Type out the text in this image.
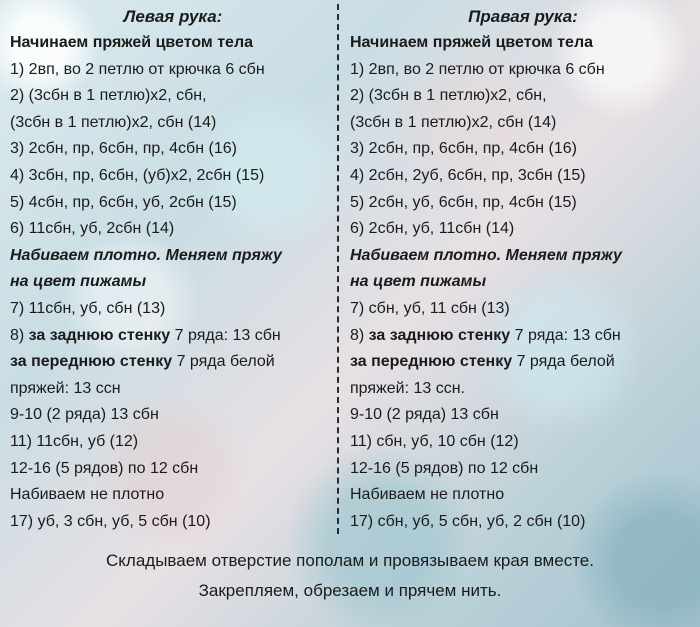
Левая рука:
Начинаем пряжей цветом тела
1) 2вп, во 2 петлю от крючка 6 сбн
2) (3сбн в 1 петлю)х2, сбн,
(3сбн в 1 петлю)х2, сбн (14)
3) 2сбн, пр, 6сбн, пр, 4сбн (16)
4) 3сбн, пр, 6сбн, (уб)х2, 2сбн (15)
5) 4сбн, пр, 6сбн, уб, 2сбн (15)
6) 11сбн, уб, 2сбн (14)
Набиваем плотно. Меняем пряжу
на цвет пижамы
7) 11сбн, уб, сбн (13)
8) за заднюю стенку 7 ряда: 13 сбн
за переднюю стенку 7 ряда белой
пряжей: 13 ссн
9-10 (2 ряда) 13 сбн
11) 11сбн, уб (12)
12-16 (5 рядов) по 12 сбн
Набиваем не плотно
17) уб, 3 сбн, уб, 5 сбн (10)
Правая рука:
Начинаем пряжей цветом тела
1) 2вп, во 2 петлю от крючка 6 сбн
2) (3сбн в 1 петлю)х2, сбн,
(3сбн в 1 петлю)х2, сбн (14)
3) 2сбн, пр, 6сбн, пр, 4сбн (16)
4) 2сбн, 2уб, 6сбн, пр, 3сбн (15)
5) 2сбн, уб, 6сбн, пр, 4сбн (15)
6) 2сбн, уб, 11сбн (14)
Набиваем плотно. Меняем пряжу
на цвет пижамы
7) сбн, уб, 11 сбн (13)
8) за заднюю стенку 7 ряда: 13 сбн
за переднюю стенку 7 ряда белой
пряжей: 13 ссн.
9-10 (2 ряда) 13 сбн
11) сбн, уб, 10 сбн (12)
12-16 (5 рядов) по 12 сбн
Набиваем не плотно
17) сбн, уб, 5 сбн, уб, 2 сбн (10)
Складываем отверстие пополам и провязываем края вместе.
Закрепляем, обрезаем и прячем нить.
